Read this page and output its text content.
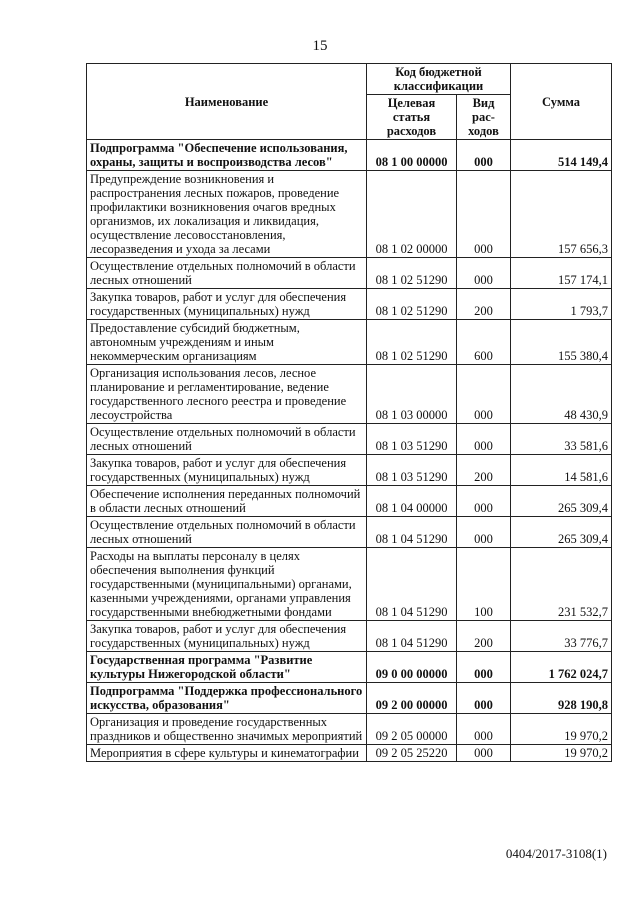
15
Наименование	Код бюджетной классификации		Сумма
	Целевая статья расходов	Вид рас-ходов	
Подпрограмма "Обеспечение использования, охраны, защиты и воспроизводства лесов"	08 1 00 00000	000	514 149,4
Предупреждение возникновения и распространения лесных пожаров, проведение профилактики возникновения очагов вредных организмов, их локализация и ликвидация, осуществление лесовосстановления, лесоразведения и ухода за лесами	08 1 02 00000	000	157 656,3
Осуществление отдельных полномочий в области лесных отношений	08 1 02 51290	000	157 174,1
Закупка товаров, работ и услуг для обеспечения государственных (муниципальных) нужд	08 1 02 51290	200	1 793,7
Предоставление субсидий бюджетным, автономным учреждениям и иным некоммерческим организациям	08 1 02 51290	600	155 380,4
Организация использования лесов, лесное планирование и регламентирование, ведение государственного лесного реестра и проведение лесоустройства	08 1 03 00000	000	48 430,9
Осуществление отдельных полномочий в области лесных отношений	08 1 03 51290	000	33 581,6
Закупка товаров, работ и услуг для обеспечения государственных (муниципальных) нужд	08 1 03 51290	200	14 581,6
Обеспечение исполнения переданных полномочий в области лесных отношений	08 1 04 00000	000	265 309,4
Осуществление отдельных полномочий в области лесных отношений	08 1 04 51290	000	265 309,4
Расходы на выплаты персоналу в целях обеспечения выполнения функций государственными (муниципальными) органами, казенными учреждениями, органами управления государственными внебюджетными фондами	08 1 04 51290	100	231 532,7
Закупка товаров, работ и услуг для обеспечения государственных (муниципальных) нужд	08 1 04 51290	200	33 776,7
Государственная программа "Развитие культуры Нижегородской области"	09 0 00 00000	000	1 762 024,7
Подпрограмма "Поддержка профессионального искусства, образования"	09 2 00 00000	000	928 190,8
Организация и проведение государственных праздников и общественно значимых мероприятий	09 2 05 00000	000	19 970,2
Мероприятия в сфере культуры и кинематографии	09 2 05 25220	000	19 970,2
0404/2017-3108(1)
